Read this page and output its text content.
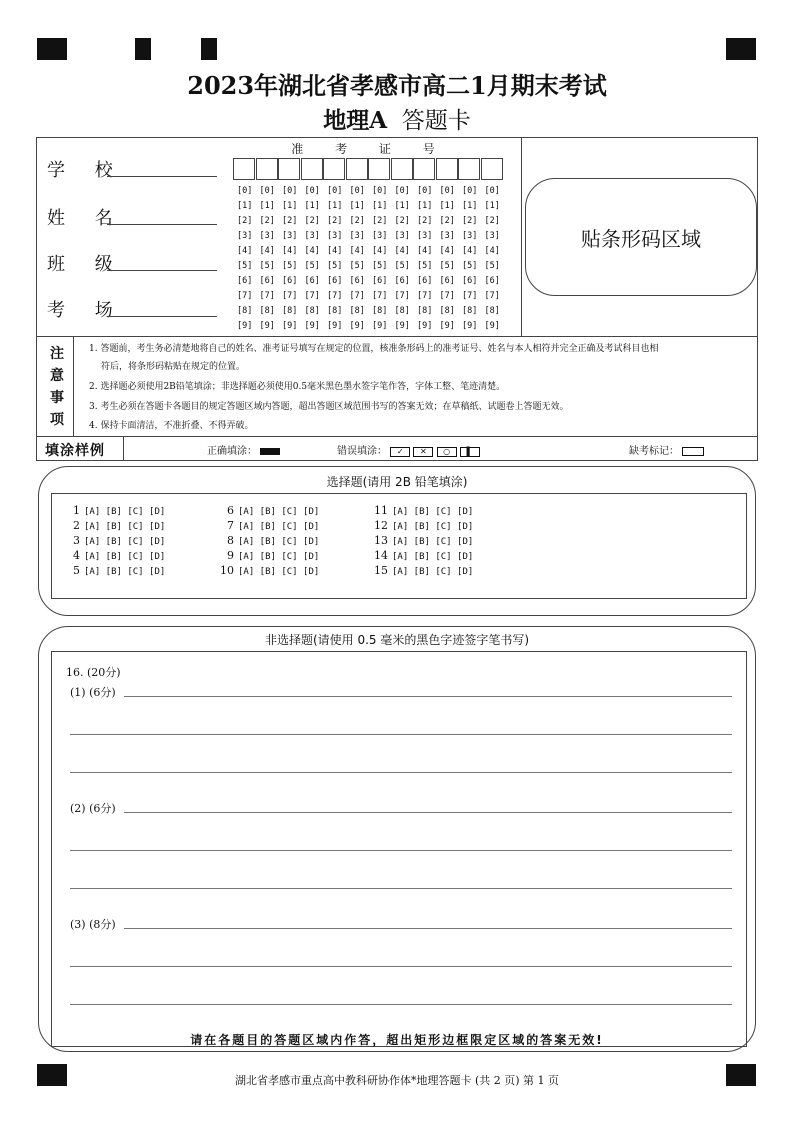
2023年湖北省孝感市高二1月期末考试
地理A 答题卡
学 校
姓 名
班 级
考 场
准 考 证 号
[0] [0] [0] [0] [0] [0] [0] [0] [0] [0] [0] [0]
[1] [1] [1] [1] [1] [1] [1] [1] [1] [1] [1] [1]
[2] [2] [2] [2] [2] [2] [2] [2] [2] [2] [2] [2]
[3] [3] [3] [3] [3] [3] [3] [3] [3] [3] [3] [3]
[4] [4] [4] [4] [4] [4] [4] [4] [4] [4] [4] [4]
[5] [5] [5] [5] [5] [5] [5] [5] [5] [5] [5] [5]
[6] [6] [6] [6] [6] [6] [6] [6] [6] [6] [6] [6]
[7] [7] [7] [7] [7] [7] [7] [7] [7] [7] [7] [7]
[8] [8] [8] [8] [8] [8] [8] [8] [8] [8] [8] [8]
[9] [9] [9] [9] [9] [9] [9] [9] [9] [9] [9] [9]
贴条形码区域
注
意
事
项
1. 答题前，考生务必清楚地将自己的姓名、准考证号填写在规定的位置，核准条形码上的准考证号、姓名与本人相符并完全正确及考试科目也相
符后，将条形码粘贴在规定的位置。
2. 选择题必须使用2B铅笔填涂；非选择题必须使用0.5毫米黑色墨水签字笔作答，字体工整、笔迹清楚。
3. 考生必须在答题卡各题目的规定答题区域内答题，超出答题区域范围书写的答案无效；在草稿纸、试题卷上答题无效。
4. 保持卡面清洁，不准折叠、不得弄破。
填涂样例	正确填涂：	错误填涂： ✓ ✕ ○ ▌	缺考标记：
选择题(请用 2B 铅笔填涂)
1 [A] [B] [C] [D]
2 [A] [B] [C] [D]
3 [A] [B] [C] [D]
4 [A] [B] [C] [D]
5 [A] [B] [C] [D]
6 [A] [B] [C] [D]
7 [A] [B] [C] [D]
8 [A] [B] [C] [D]
9 [A] [B] [C] [D]
10 [A] [B] [C] [D]
11 [A] [B] [C] [D]
12 [A] [B] [C] [D]
13 [A] [B] [C] [D]
14 [A] [B] [C] [D]
15 [A] [B] [C] [D]
非选择题(请使用 0.5 毫米的黑色字迹签字笔书写)
16. (20分)
(1) (6分)
(2) (6分)
(3) (8分)
请在各题目的答题区域内作答，超出矩形边框限定区域的答案无效!
湖北省孝感市重点高中教科研协作体*地理答题卡 (共 2 页) 第 1 页
